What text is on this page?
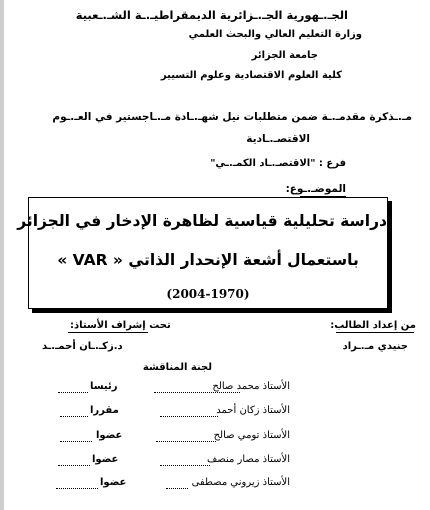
الجـ.ـهورية الجـ.ـزائرية الديمقراطيـ.ـة الشـ.ـعبية
وزارة التعليم العالي والبحث العلمي
جامعة الجزائر
كلية العلوم الاقتصادية وعلوم التسيير
مـ.ـذكرة مقدمـ.ـة ضمن متطلبات نيل شهـ.ـادة مـ.ـاجستير في العـ.ـوم
الاقتصـ.ـادية
فرع : "الاقتصـ.ـاد الكمـ.ـي"
الموضـ.ـوع:
دراسة تحليلية قياسية لظاهرة الإدخار في الجزائر
باستعمال أشعة الإنحدار الذاتي « VAR »
(2004-1970)
من إعداد الطالب:
تحت إشراف الأستاذ:
جنيدي مـ.ـراد
د.زكـ.ـان أحمـ.ـد
لجنة المناقشة
الأستاذ محمد صالح
رئيسا
الأستاذ زكان أحمد
مقررا
الأستاذ تومي صالح
عضوا
الأستاذ مصار منصف
عضوا
الأستاذ زيروني مصطفى
عضوا
